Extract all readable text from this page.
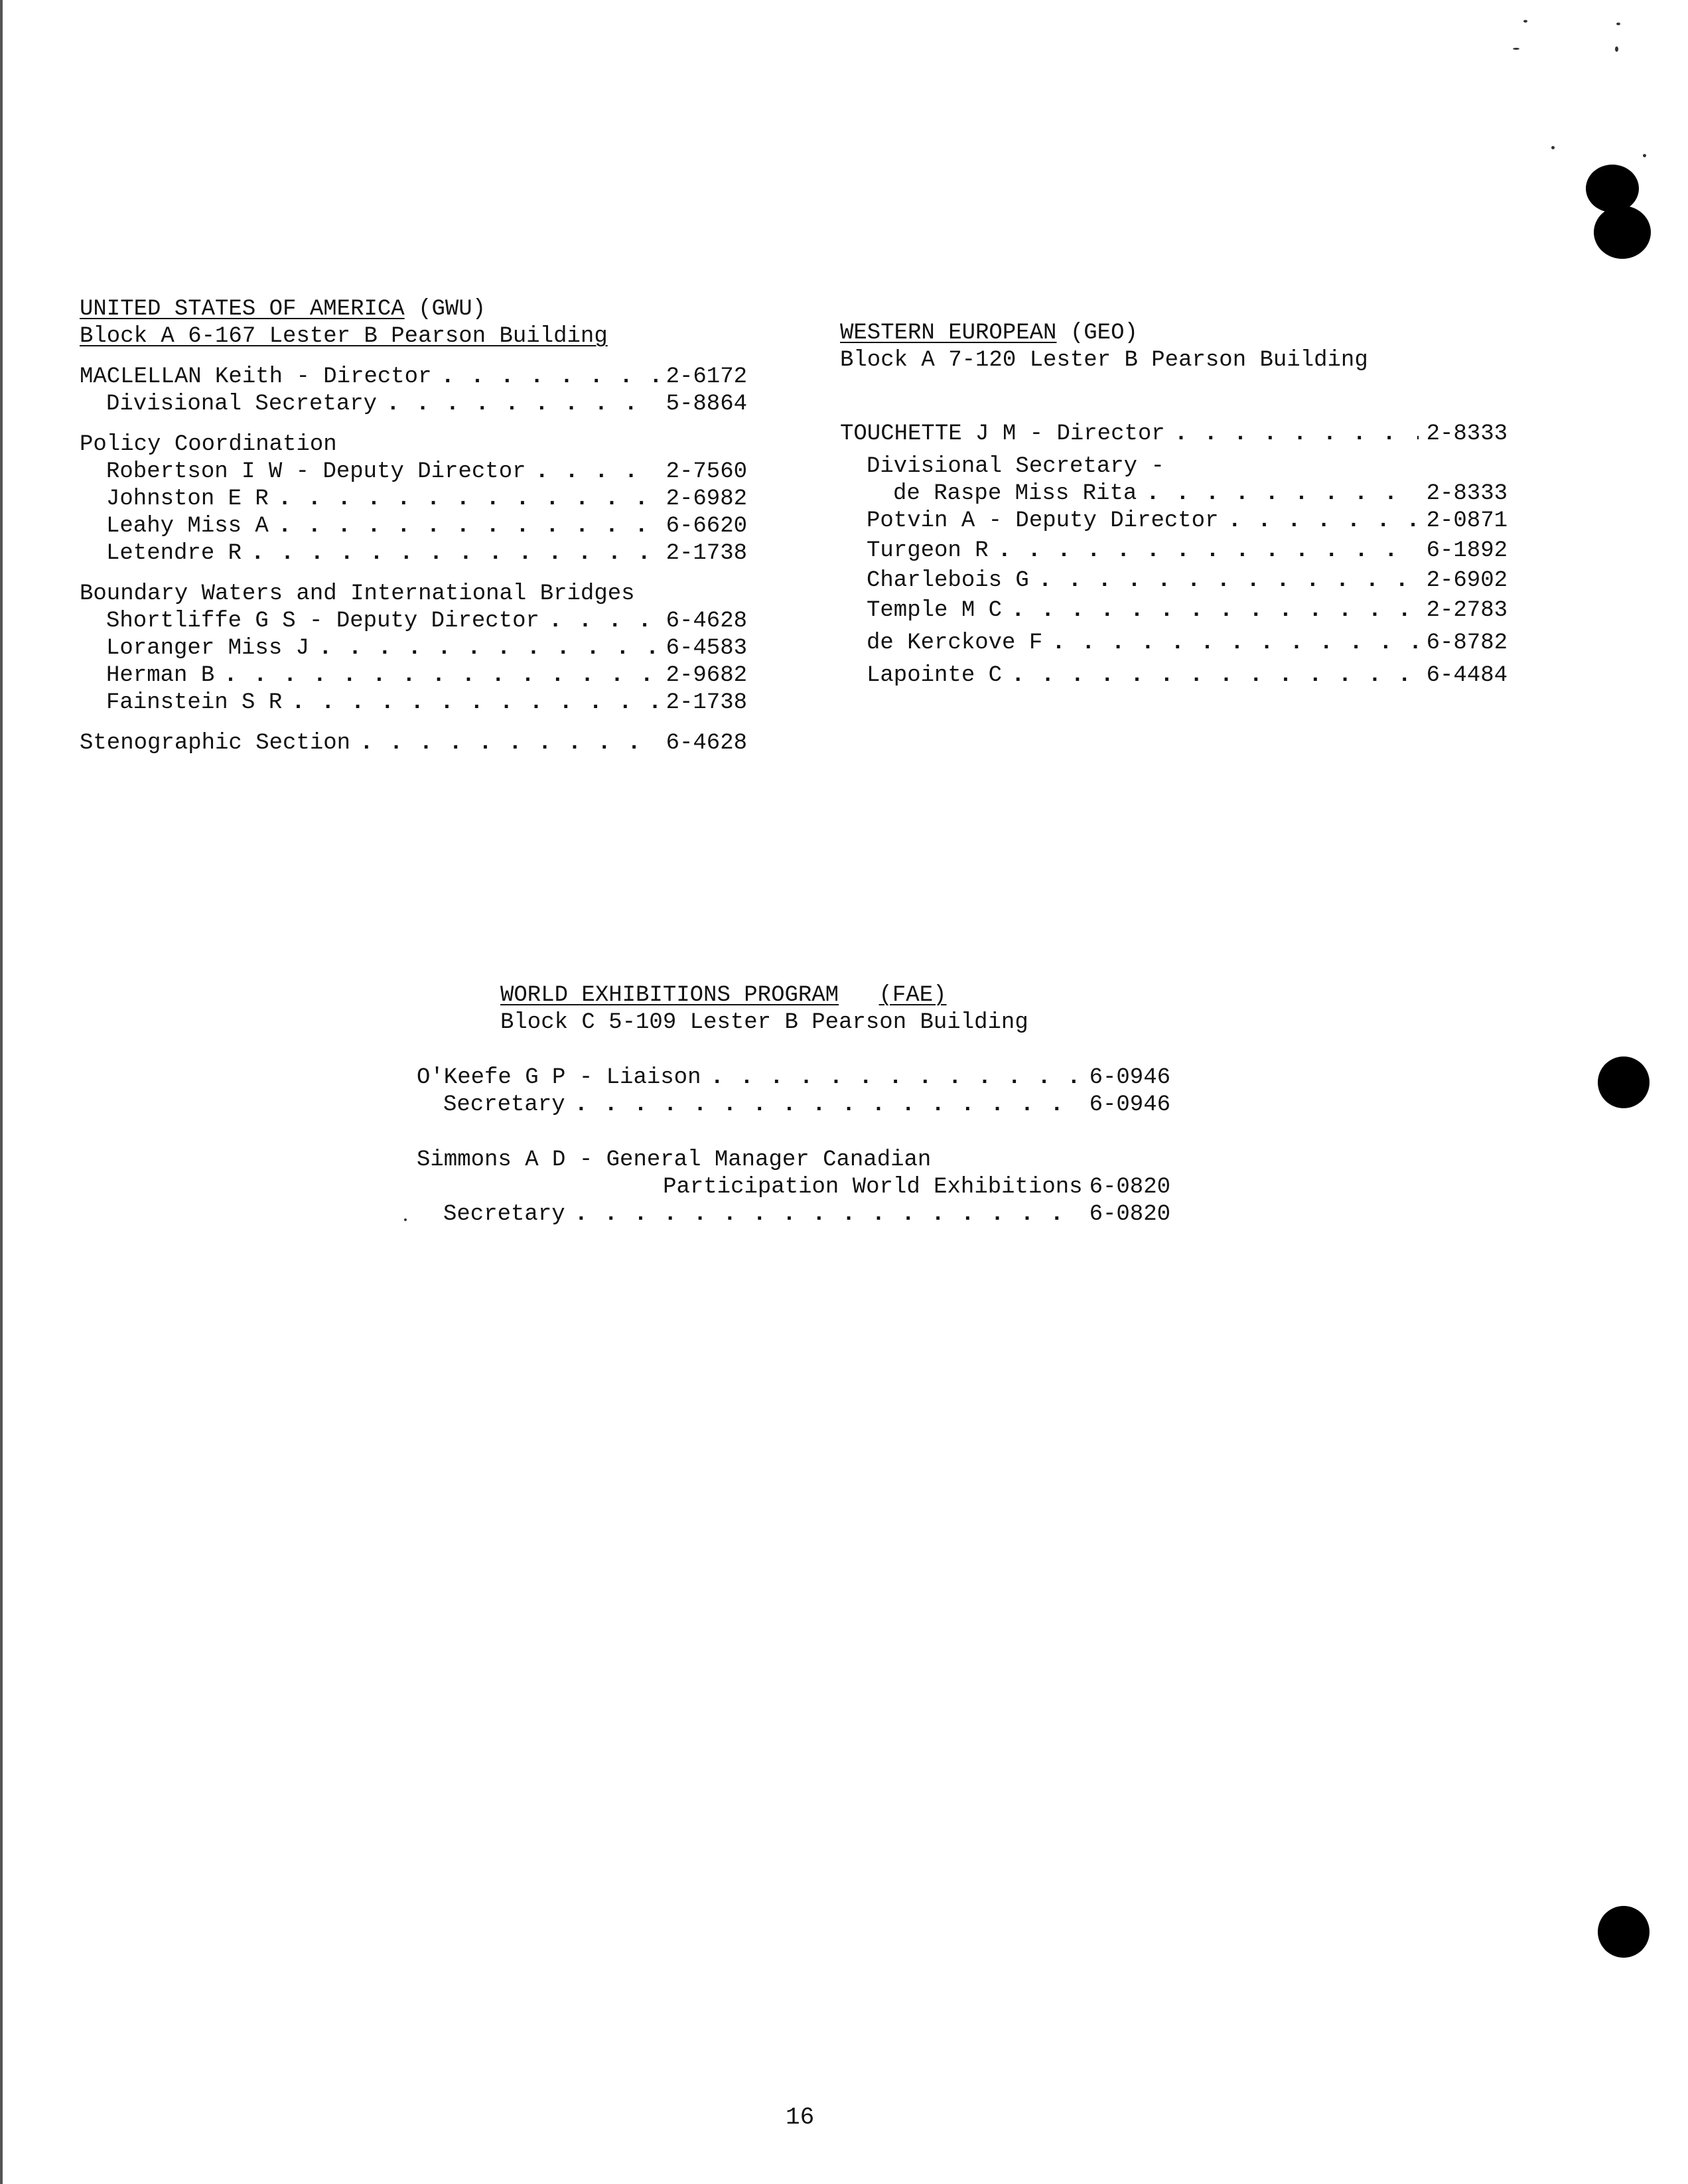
UNITED STATES OF AMERICA (GWU)
Block A 6-167 Lester B Pearson Building
MACLELLAN Keith - Director . . .	2-6172
Divisional Secretary . . .	5-8864
Policy Coordination
Robertson I W - Deputy Director . . .	2-7560
Johnston E R . . .	2-6982
Leahy Miss A . . .	6-6620
Letendre R . . .	2-1738
Boundary Waters and International Bridges
Shortliffe G S - Deputy Director . . .	6-4628
Loranger Miss J . . .	6-4583
Herman B . . .	2-9682
Fainstein S R . . .	2-1738
Stenographic Section . . .	6-4628
WESTERN EUROPEAN (GEO)
Block A 7-120 Lester B Pearson Building
TOUCHETTE J M - Director . . .	2-8333
Divisional Secretary -
de Raspe Miss Rita . . .	2-8333
Potvin A - Deputy Director . . .	2-0871
Turgeon R . . .	6-1892
Charlebois G . . .	2-6902
Temple M C . . .	2-2783
de Kerckove F . . .	6-8782
Lapointe C . . .	6-4484
WORLD EXHIBITIONS PROGRAM (FAE)
Block C 5-109 Lester B Pearson Building
O'Keefe G P - Liaison . . .	6-0946
Secretary . . .	6-0946
Simmons A D - General Manager Canadian
Participation World Exhibitions 6-0820
Secretary . . .	6-0820
16
